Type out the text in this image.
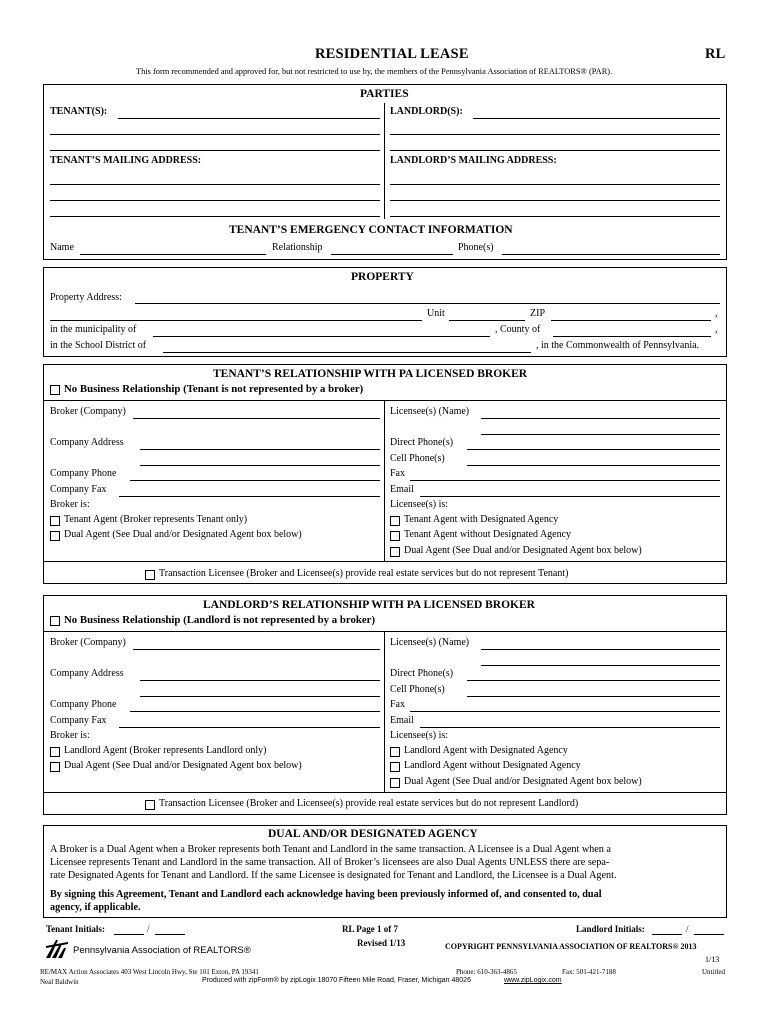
RESIDENTIAL LEASE	RL
This form recommended and approved for, but not restricted to use by, the members of the Pennsylvania Association of REALTORS® (PAR).
PARTIES
TENANT(S):	LANDLORD(S):
TENANT’S MAILING ADDRESS:	LANDLORD’S MAILING ADDRESS:
TENANT’S EMERGENCY CONTACT INFORMATION
Name	Relationship	Phone(s)
PROPERTY
Property Address:
Unit	ZIP	,
in the municipality of	, County of	,
in the School District of	, in the Commonwealth of Pennsylvania.
TENANT’S RELATIONSHIP WITH PA LICENSED BROKER
No Business Relationship (Tenant is not represented by a broker)
Broker (Company)	Licensee(s) (Name)
Company Address	Direct Phone(s)
Cell Phone(s)
Company Phone	Fax
Company Fax	Email
Broker is:	Licensee(s) is:
Tenant Agent (Broker represents Tenant only)	Tenant Agent with Designated Agency
Dual Agent (See Dual and/or Designated Agent box below)	Tenant Agent without Designated Agency
Dual Agent (See Dual and/or Designated Agent box below)
Transaction Licensee (Broker and Licensee(s) provide real estate services but do not represent Tenant)
LANDLORD’S RELATIONSHIP WITH PA LICENSED BROKER
No Business Relationship (Landlord is not represented by a broker)
Broker (Company)	Licensee(s) (Name)
Company Address	Direct Phone(s)
Cell Phone(s)
Company Phone	Fax
Company Fax	Email
Broker is:	Licensee(s) is:
Landlord Agent (Broker represents Landlord only)	Landlord Agent with Designated Agency
Dual Agent (See Dual and/or Designated Agent box below)	Landlord Agent without Designated Agency
Dual Agent (See Dual and/or Designated Agent box below)
Transaction Licensee (Broker and Licensee(s) provide real estate services but do not represent Landlord)
DUAL AND/OR DESIGNATED AGENCY
A Broker is a Dual Agent when a Broker represents both Tenant and Landlord in the same transaction. A Licensee is a Dual Agent when a
Licensee represents Tenant and Landlord in the same transaction. All of Broker’s licensees are also Dual Agents UNLESS there are sepa-
rate Designated Agents for Tenant and Landlord. If the same Licensee is designated for Tenant and Landlord, the Licensee is a Dual Agent.
By signing this Agreement, Tenant and Landlord each acknowledge having been previously informed of, and consented to, dual
agency, if applicable.
Tenant Initials:	/	RL Page 1 of 7
Revised 1/13
Landlord Initials:	/
Pennsylvania Association of REALTORS®	COPYRIGHT PENNSYLVANIA ASSOCIATION OF REALTORS® 2013
1/13
RE/MAX Action Associates 403 West Lincoln Hwy, Ste 101 Exton, PA 19341
Neal Baldwin
Phone: 610-363-4865	Fax: 501-421-7188	Untitled
Produced with zipForm® by zipLogix 18070 Fifteen Mile Road, Fraser, Michigan 48026	www.zipLogix.com
